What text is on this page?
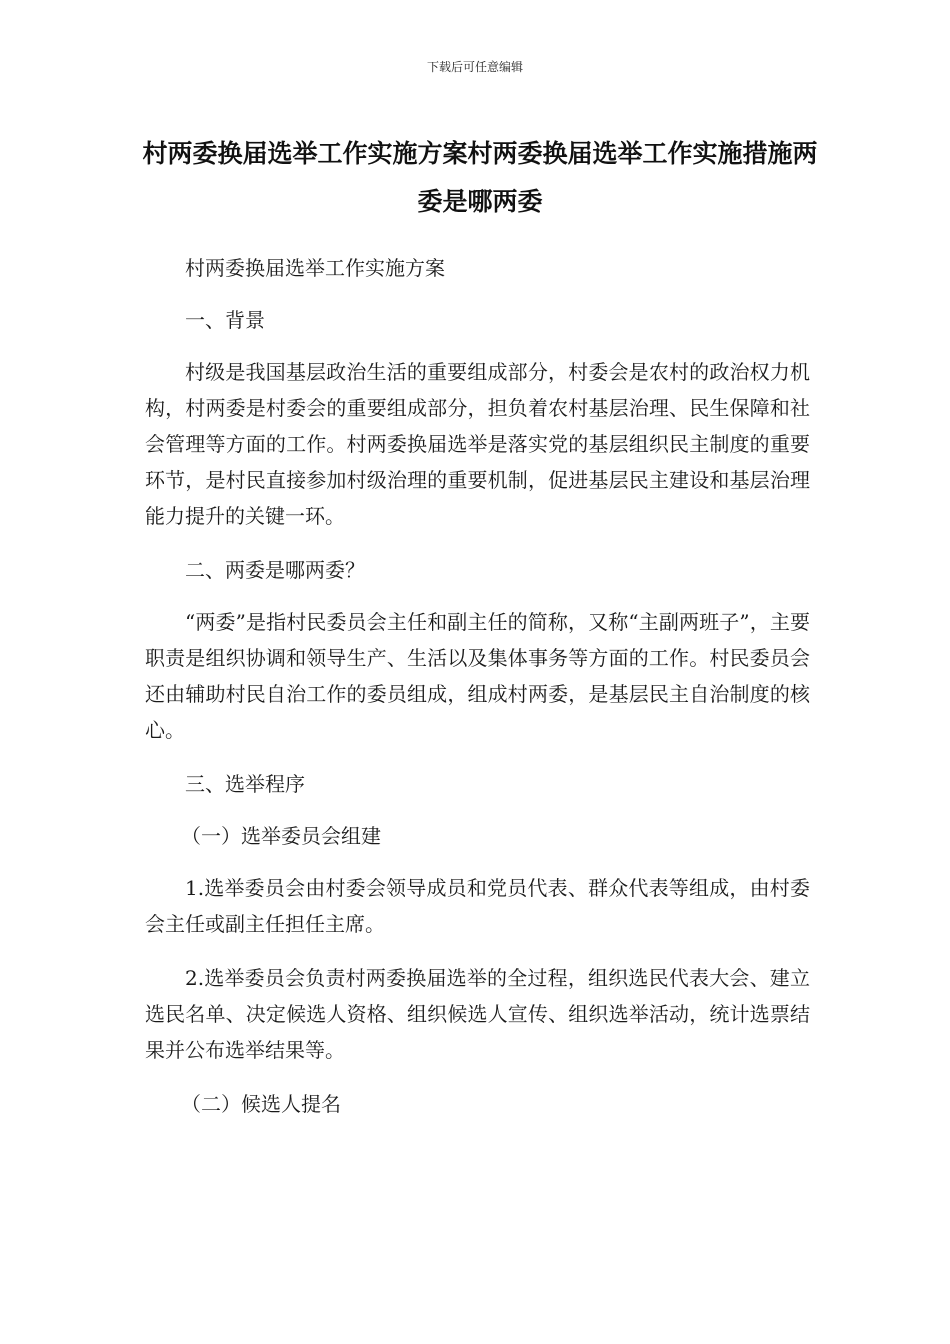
下载后可任意编辑
村两委换届选举工作实施方案村两委换届选举工作实施措施两委是哪两委

村两委换届选举工作实施方案

一、背景

村级是我国基层政治生活的重要组成部分，村委会是农村的政治权力机构，村两委是村委会的重要组成部分，担负着农村基层治理、民生保障和社会管理等方面的工作。村两委换届选举是落实党的基层组织民主制度的重要环节，是村民直接参加村级治理的重要机制，促进基层民主建设和基层治理能力提升的关键一环。

二、两委是哪两委？

“两委”是指村民委员会主任和副主任的简称，又称“主副两班子”，主要职责是组织协调和领导生产、生活以及集体事务等方面的工作。村民委员会还由辅助村民自治工作的委员组成，组成村两委，是基层民主自治制度的核心。

三、选举程序

（一）选举委员会组建

1.选举委员会由村委会领导成员和党员代表、群众代表等组成，由村委会主任或副主任担任主席。

2.选举委员会负责村两委换届选举的全过程，组织选民代表大会、建立选民名单、决定候选人资格、组织候选人宣传、组织选举活动，统计选票结果并公布选举结果等。

（二）候选人提名
